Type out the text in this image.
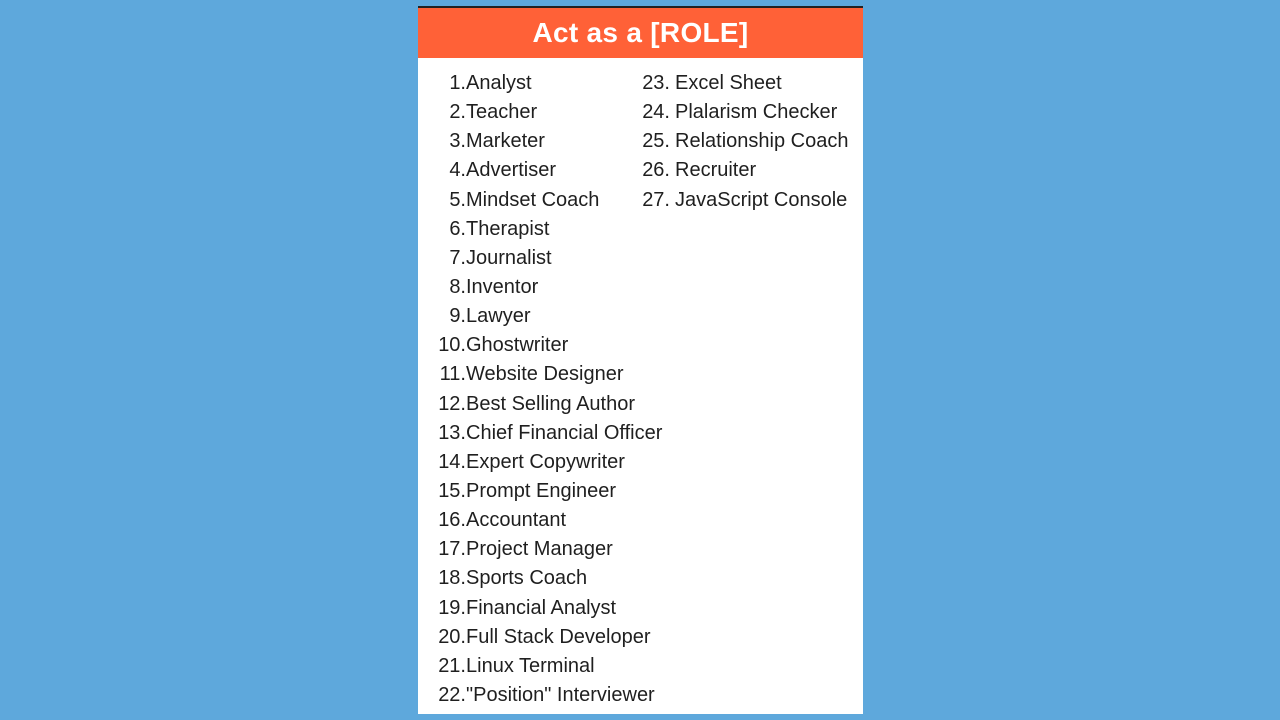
Act as a [ROLE]
1. Analyst
2. Teacher
3. Marketer
4. Advertiser
5. Mindset Coach
6. Therapist
7. Journalist
8. Inventor
9. Lawyer
10. Ghostwriter
11. Website Designer
12. Best Selling Author
13. Chief Financial Officer
14. Expert Copywriter
15. Prompt Engineer
16. Accountant
17. Project Manager
18. Sports Coach
19. Financial Analyst
20. Full Stack Developer
21. Linux Terminal
22. "Position" Interviewer
23. Excel Sheet
24. Plalarism Checker
25. Relationship Coach
26. Recruiter
27. JavaScript Console
